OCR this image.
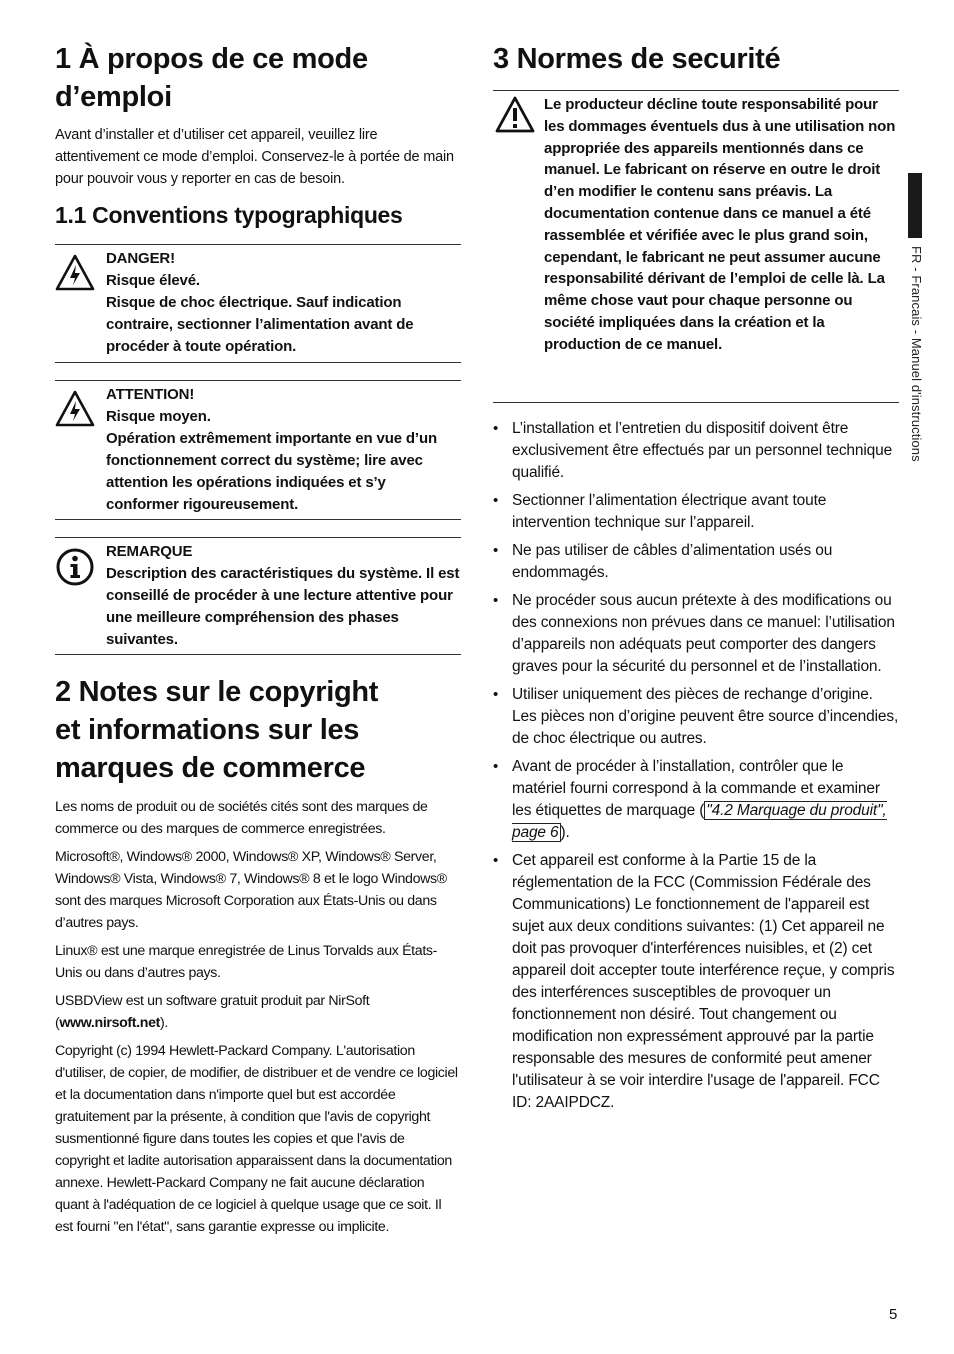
1 À propos de ce mode
d’emploi

Avant d’installer et d’utiliser cet appareil, veuillez lire attentivement ce mode d’emploi. Conservez-le à portée de main pour pouvoir vous y reporter en cas de besoin.

1.1 Conventions typographiques
DANGER!
Risque élevé.
Risque de choc électrique. Sauf indication contraire, sectionner l’alimentation avant de procéder à toute opération.
ATTENTION!
Risque moyen.
Opération extrêmement importante en vue d’un fonctionnement correct du système; lire avec attention les opérations indiquées et s’y conformer rigoureusement.
REMARQUE
Description des caractéristiques du système. Il est conseillé de procéder à une lecture attentive pour une meilleure compréhension des phases suivantes.
2 Notes sur le copyright
et informations sur les
marques de commerce

Les noms de produit ou de sociétés cités sont des marques de commerce ou des marques de commerce enregistrées.

Microsoft®, Windows® 2000, Windows® XP, Windows® Server, Windows® Vista, Windows® 7, Windows® 8 et le logo Windows® sont des marques Microsoft Corporation aux États-Unis ou dans d’autres pays.

Linux® est une marque enregistrée de Linus Torvalds aux États-Unis ou dans d’autres pays.

USBDView est un software gratuit produit par NirSoft (www.nirsoft.net).

Copyright (c) 1994 Hewlett-Packard Company. L'autorisation d'utiliser, de copier, de modifier, de distribuer et de vendre ce logiciel et la documentation dans n'importe quel but est accordée gratuitement par la présente, à condition que l'avis de copyright susmentionné figure dans toutes les copies et que l'avis de copyright et ladite autorisation apparaissent dans la documentation annexe. Hewlett-Packard Company ne fait aucune déclaration quant à l'adéquation de ce logiciel à quelque usage que ce soit. Il est fourni "en l'état", sans garantie expresse ou implicite.

3 Normes de securité

Le producteur décline toute responsabilité pour les dommages éventuels dus à une utilisation non appropriée des appareils mentionnés dans ce manuel. Le fabricant on réserve en outre le droit d’en modifier le contenu sans préavis. La documentation contenue dans ce manuel a été rassemblée et vérifiée avec le plus grand soin, cependant, le fabricant ne peut assumer aucune responsabilité dérivant de l’emploi de celle là. La même chose vaut pour chaque personne ou société impliquées dans la création et la production de ce manuel.

• L’installation et l’entretien du dispositif doivent être exclusivement être effectués par un personnel technique qualifié.
• Sectionner l’alimentation électrique avant toute intervention technique sur l’appareil.
• Ne pas utiliser de câbles d’alimentation usés ou endommagés.
• Ne procéder sous aucun prétexte à des modifications ou des connexions non prévues dans ce manuel: l’utilisation d’appareils non adéquats peut comporter des dangers graves pour la sécurité du personnel et de l’installation.
• Utiliser uniquement des pièces de rechange d’origine. Les pièces non d’origine peuvent être source d’incendies, de choc électrique ou autres.
• Avant de procéder à l’installation, contrôler que le matériel fourni correspond à la commande et examiner les étiquettes de marquage ( "4.2 Marquage du produit", page 6 ).
• Cet appareil est conforme à la Partie 15 de la réglementation de la FCC (Commission Fédérale des Communications) Le fonctionnement de l'appareil est sujet aux deux conditions suivantes: (1) Cet appareil ne doit pas provoquer d'interférences nuisibles, et (2) cet appareil doit accepter toute interférence reçue, y compris des interférences susceptibles de provoquer un fonctionnement non désiré. Tout changement ou modification non expressément approuvé par la partie responsable des mesures de conformité peut amener l'utilisateur à se voir interdire l'usage de l'appareil. FCC ID: 2AAIPDCZ.
FR - Francais - Manuel d'instructions
5
